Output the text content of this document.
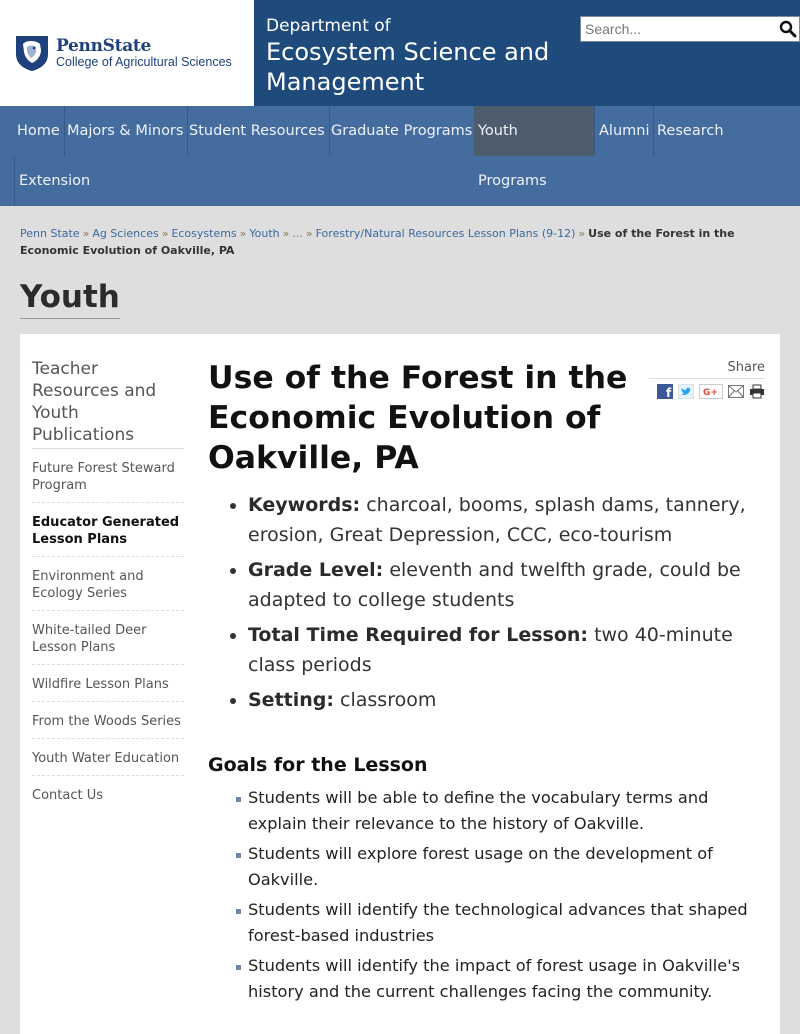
PennState
College of Agricultural Sciences
Department of
Ecosystem Science and Management
Search...
Home Majors & Minors Student Resources Graduate Programs Youth Programs
Alumni Research
Extension
Penn State » Ag Sciences » Ecosystems » Youth » ... » Forestry/Natural Resources Lesson Plans (9-12) » Use of the Forest in the Economic Evolution of Oakville, PA
Youth
Teacher Resources and Youth Publications
Future Forest Steward Program
Educator Generated Lesson Plans
Environment and Ecology Series
White-tailed Deer Lesson Plans
Wildfire Lesson Plans
From the Woods Series
Youth Water Education
Contact Us
Use of the Forest in the Economic Evolution of Oakville, PA
Share
f	G+
• Keywords: charcoal, booms, splash dams, tannery, erosion, Great Depression, CCC, eco-tourism
• Grade Level: eleventh and twelfth grade, could be adapted to college students
• Total Time Required for Lesson: two 40-minute class periods
• Setting: classroom
Goals for the Lesson
Students will be able to define the vocabulary terms and explain their relevance to the history of Oakville.
Students will explore forest usage on the development of Oakville.
Students will identify the technological advances that shaped forest-based industries
Students will identify the impact of forest usage in Oakville's history and the current challenges facing the community.
